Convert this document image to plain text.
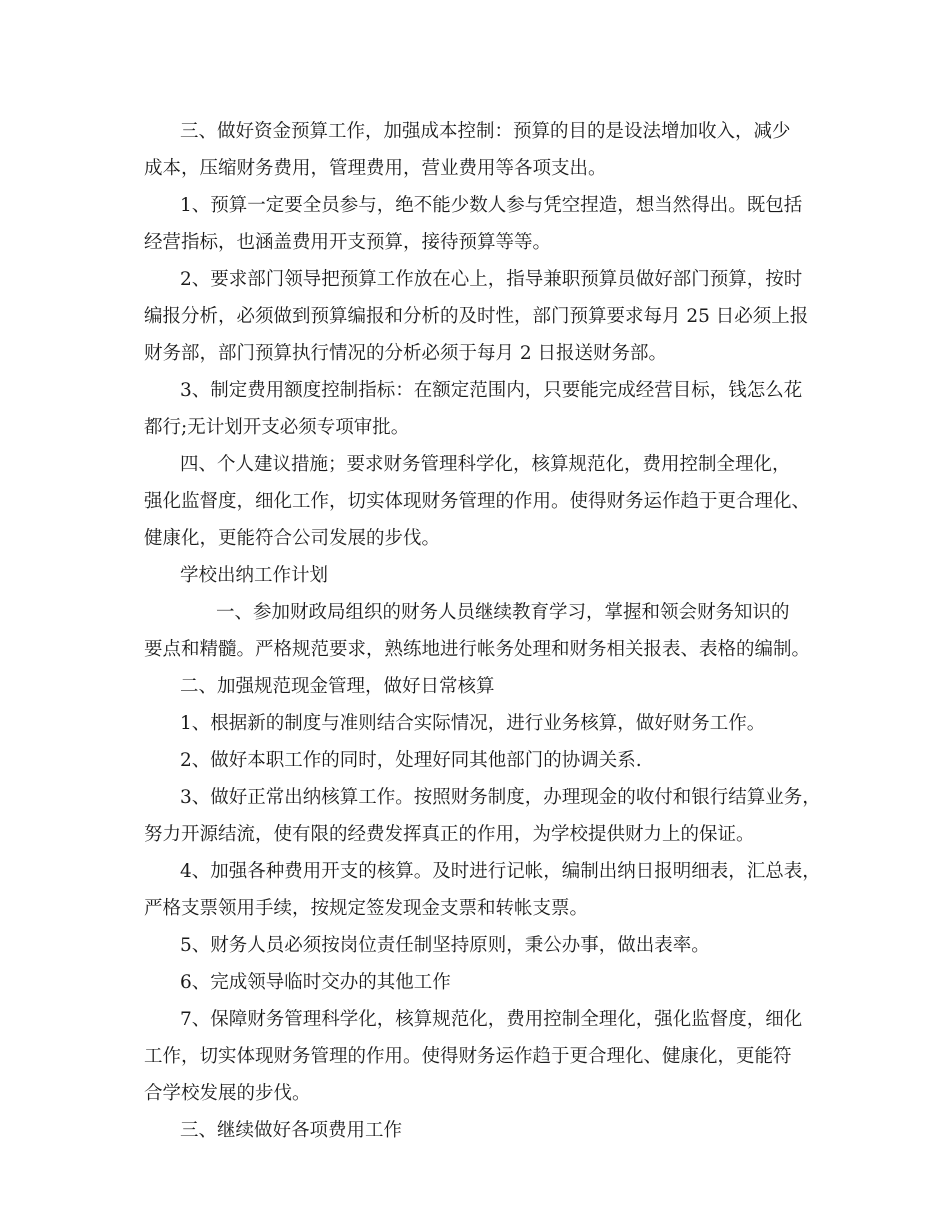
三、做好资金预算工作，加强成本控制：预算的目的是设法增加收入，减少
成本，压缩财务费用，管理费用，营业费用等各项支出。
1、预算一定要全员参与，绝不能少数人参与凭空捏造，想当然得出。既包括
经营指标，也涵盖费用开支预算，接待预算等等。
2、要求部门领导把预算工作放在心上，指导兼职预算员做好部门预算，按时
编报分析，必须做到预算编报和分析的及时性，部门预算要求每月 25 日必须上报
财务部，部门预算执行情况的分析必须于每月 2 日报送财务部。
3、制定费用额度控制指标：在额定范围内，只要能完成经营目标，钱怎么花
都行;无计划开支必须专项审批。
四、个人建议措施；要求财务管理科学化，核算规范化，费用控制全理化，
强化监督度，细化工作，切实体现财务管理的作用。使得财务运作趋于更合理化、
健康化，更能符合公司发展的步伐。
学校出纳工作计划
一、参加财政局组织的财务人员继续教育学习，掌握和领会财务知识的
要点和精髓。严格规范要求，熟练地进行帐务处理和财务相关报表、表格的编制。
二、加强规范现金管理，做好日常核算
1、根据新的制度与准则结合实际情况，进行业务核算，做好财务工作。
2、做好本职工作的同时，处理好同其他部门的协调关系.
3、做好正常出纳核算工作。按照财务制度，办理现金的收付和银行结算业务，
努力开源结流，使有限的经费发挥真正的作用，为学校提供财力上的保证。
4、加强各种费用开支的核算。及时进行记帐，编制出纳日报明细表，汇总表，
严格支票领用手续，按规定签发现金支票和转帐支票。
5、财务人员必须按岗位责任制坚持原则，秉公办事，做出表率。
6、完成领导临时交办的其他工作
7、保障财务管理科学化，核算规范化，费用控制全理化，强化监督度，细化
工作，切实体现财务管理的作用。使得财务运作趋于更合理化、健康化，更能符
合学校发展的步伐。
三、继续做好各项费用工作
